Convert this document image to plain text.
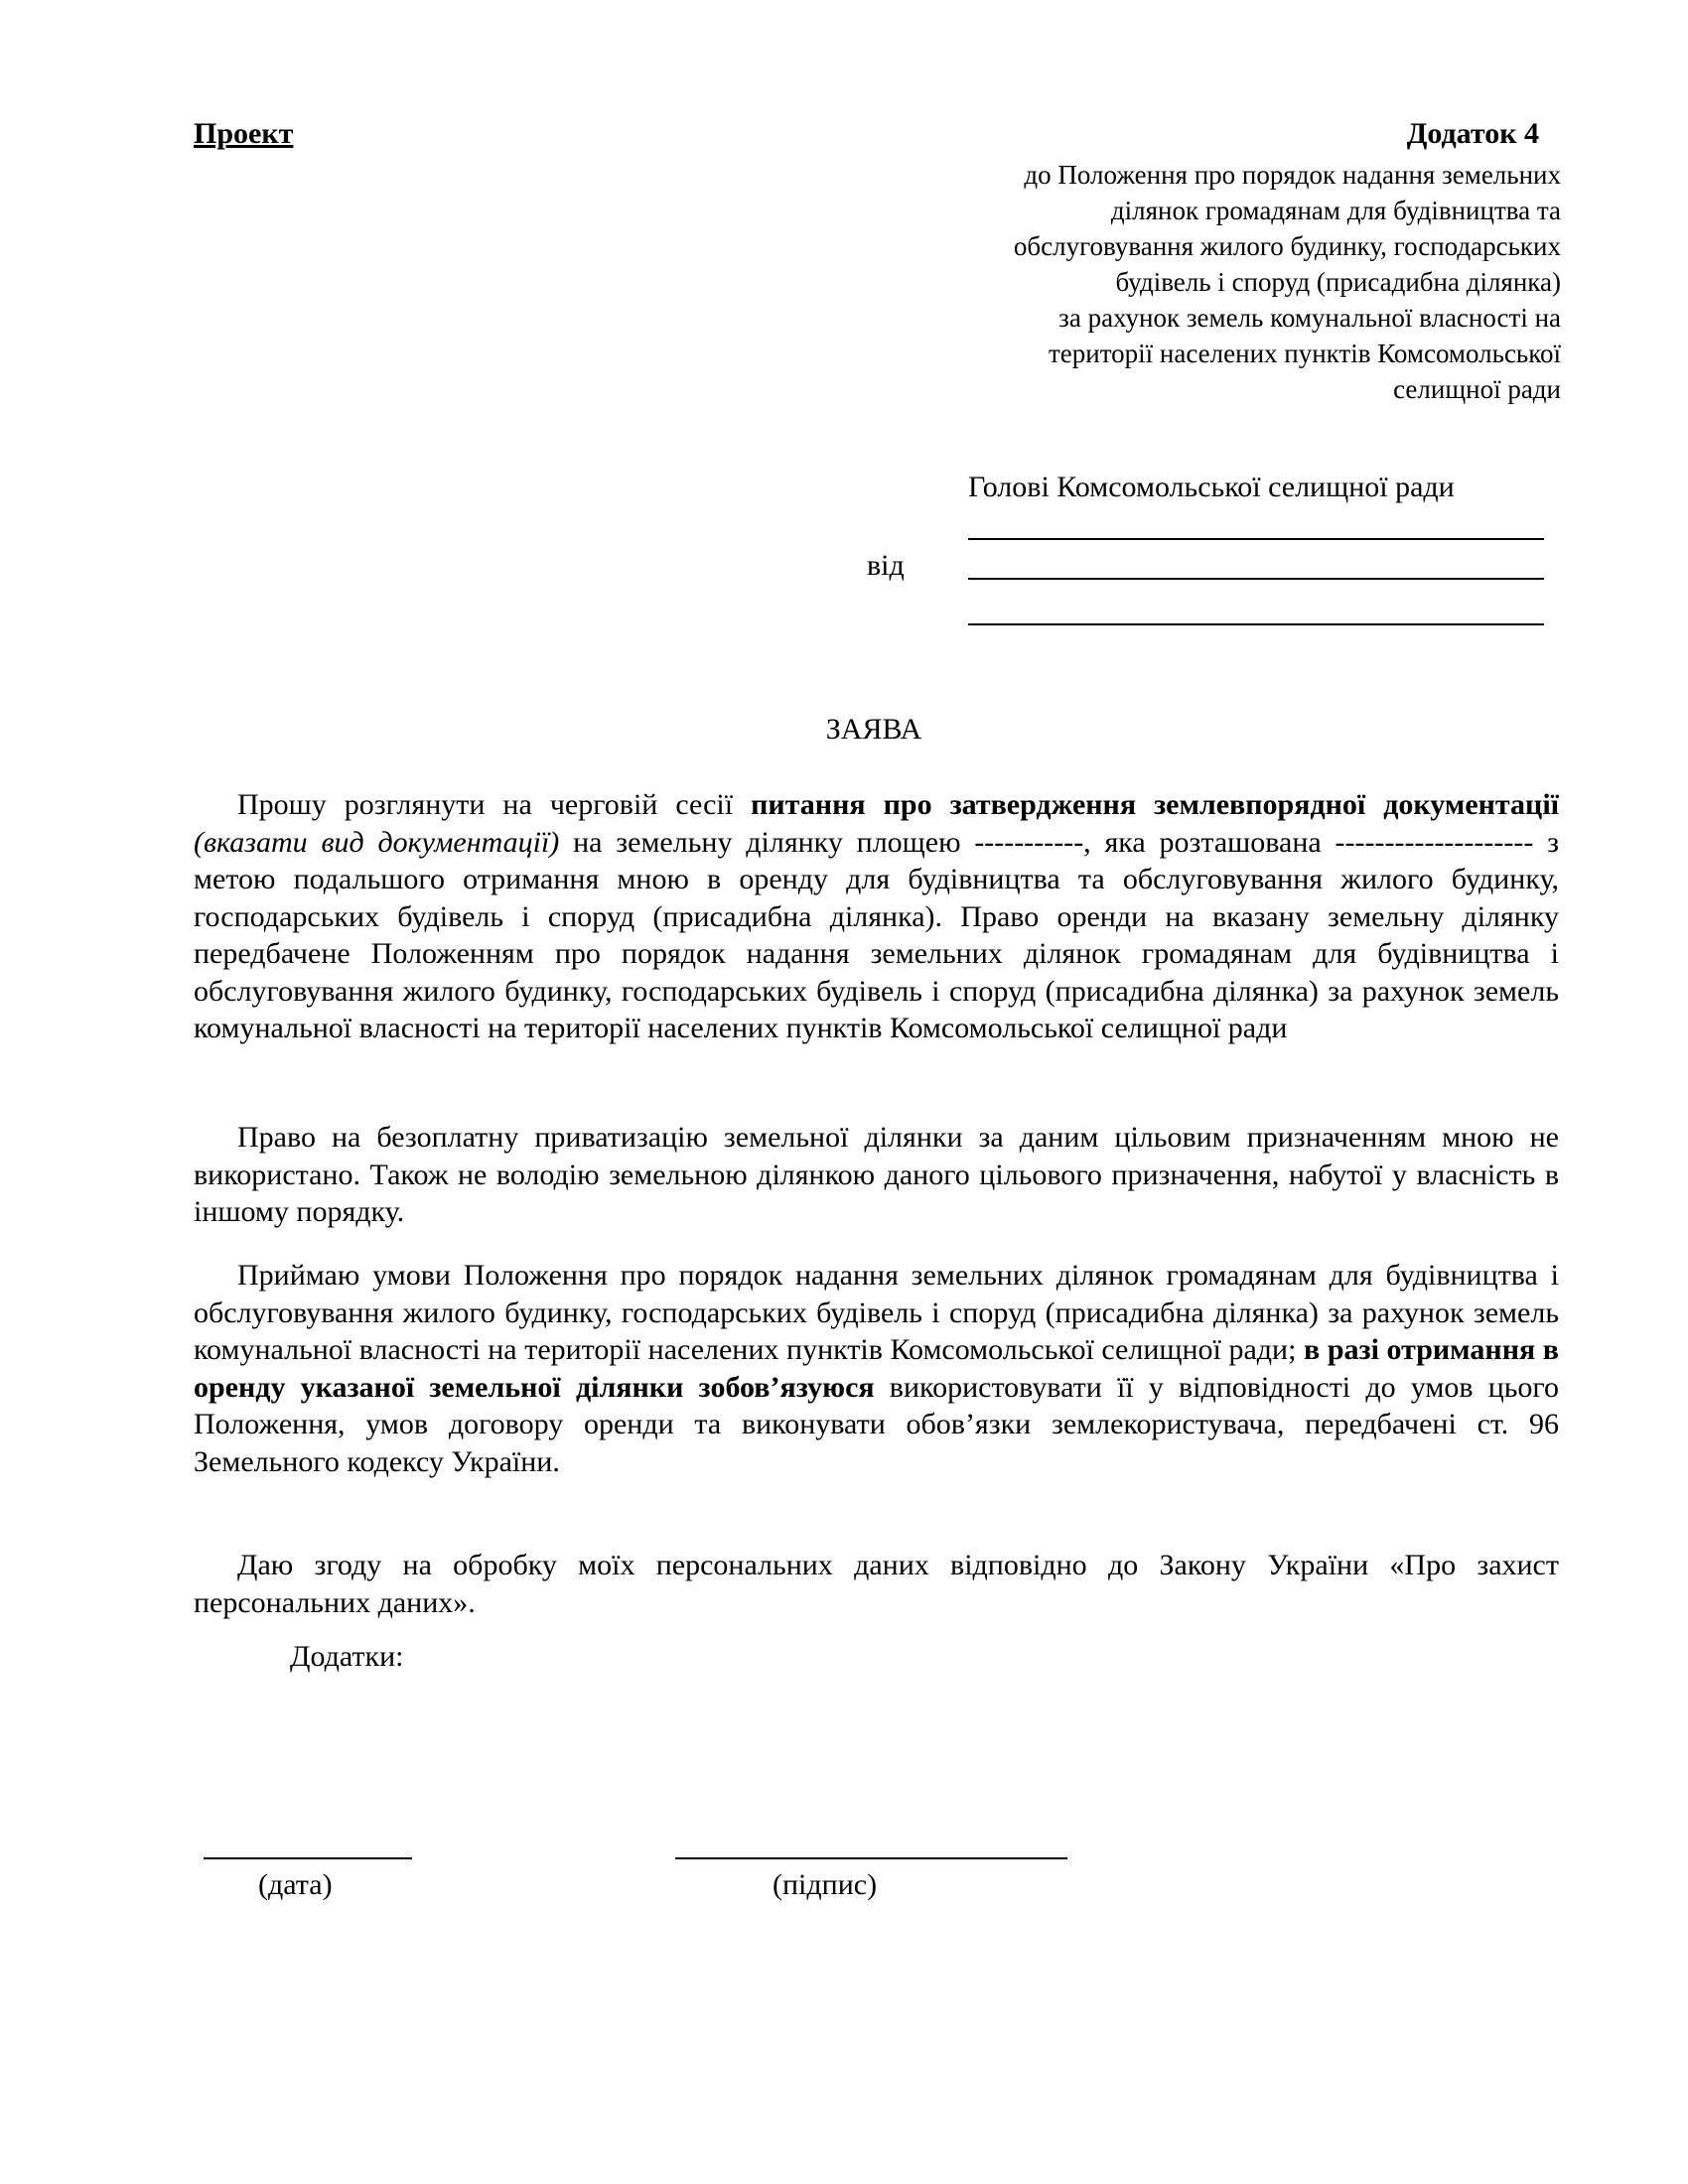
Проект	Додаток 4
до Положення про порядок надання земельних
ділянок громадянам для будівництва та
обслуговування жилого будинку, господарських
будівель і споруд (присадибна ділянка)
за рахунок земель комунальної власності на
території населених пунктів Комсомольської
селищної ради
Голові Комсомольської селищної ради
від
ЗАЯВА

Прошу розглянути на черговій сесії питання про затвердження землевпорядної документації (вказати вид документації) на земельну ділянку площею -----------, яка розташована -------------------- з метою подальшого отримання мною в оренду для будівництва та обслуговування жилого будинку, господарських будівель і споруд (присадибна ділянка). Право оренди на вказану земельну ділянку передбачене Положенням про порядок надання земельних ділянок громадянам для будівництва і обслуговування жилого будинку, господарських будівель і споруд (присадибна ділянка) за рахунок земель комунальної власності на території населених пунктів Комсомольської селищної ради

Право на безоплатну приватизацію земельної ділянки за даним цільовим призначенням мною не використано. Також не володію земельною ділянкою даного цільового призначення, набутої у власність в іншому порядку.

Приймаю умови Положення про порядок надання земельних ділянок громадянам для будівництва і обслуговування жилого будинку, господарських будівель і споруд (присадибна ділянка) за рахунок земель комунальної власності на території населених пунктів Комсомольської селищної ради; в разі отримання в оренду указаної земельної ділянки зобов’язуюся використовувати її у відповідності до умов цього Положення, умов договору оренди та виконувати обов’язки землекористувача, передбачені ст. 96 Земельного кодексу України.

Даю згоду на обробку моїх персональних даних відповідно до Закону України «Про захист персональних даних».

Додатки:
(дата)	(підпис)
